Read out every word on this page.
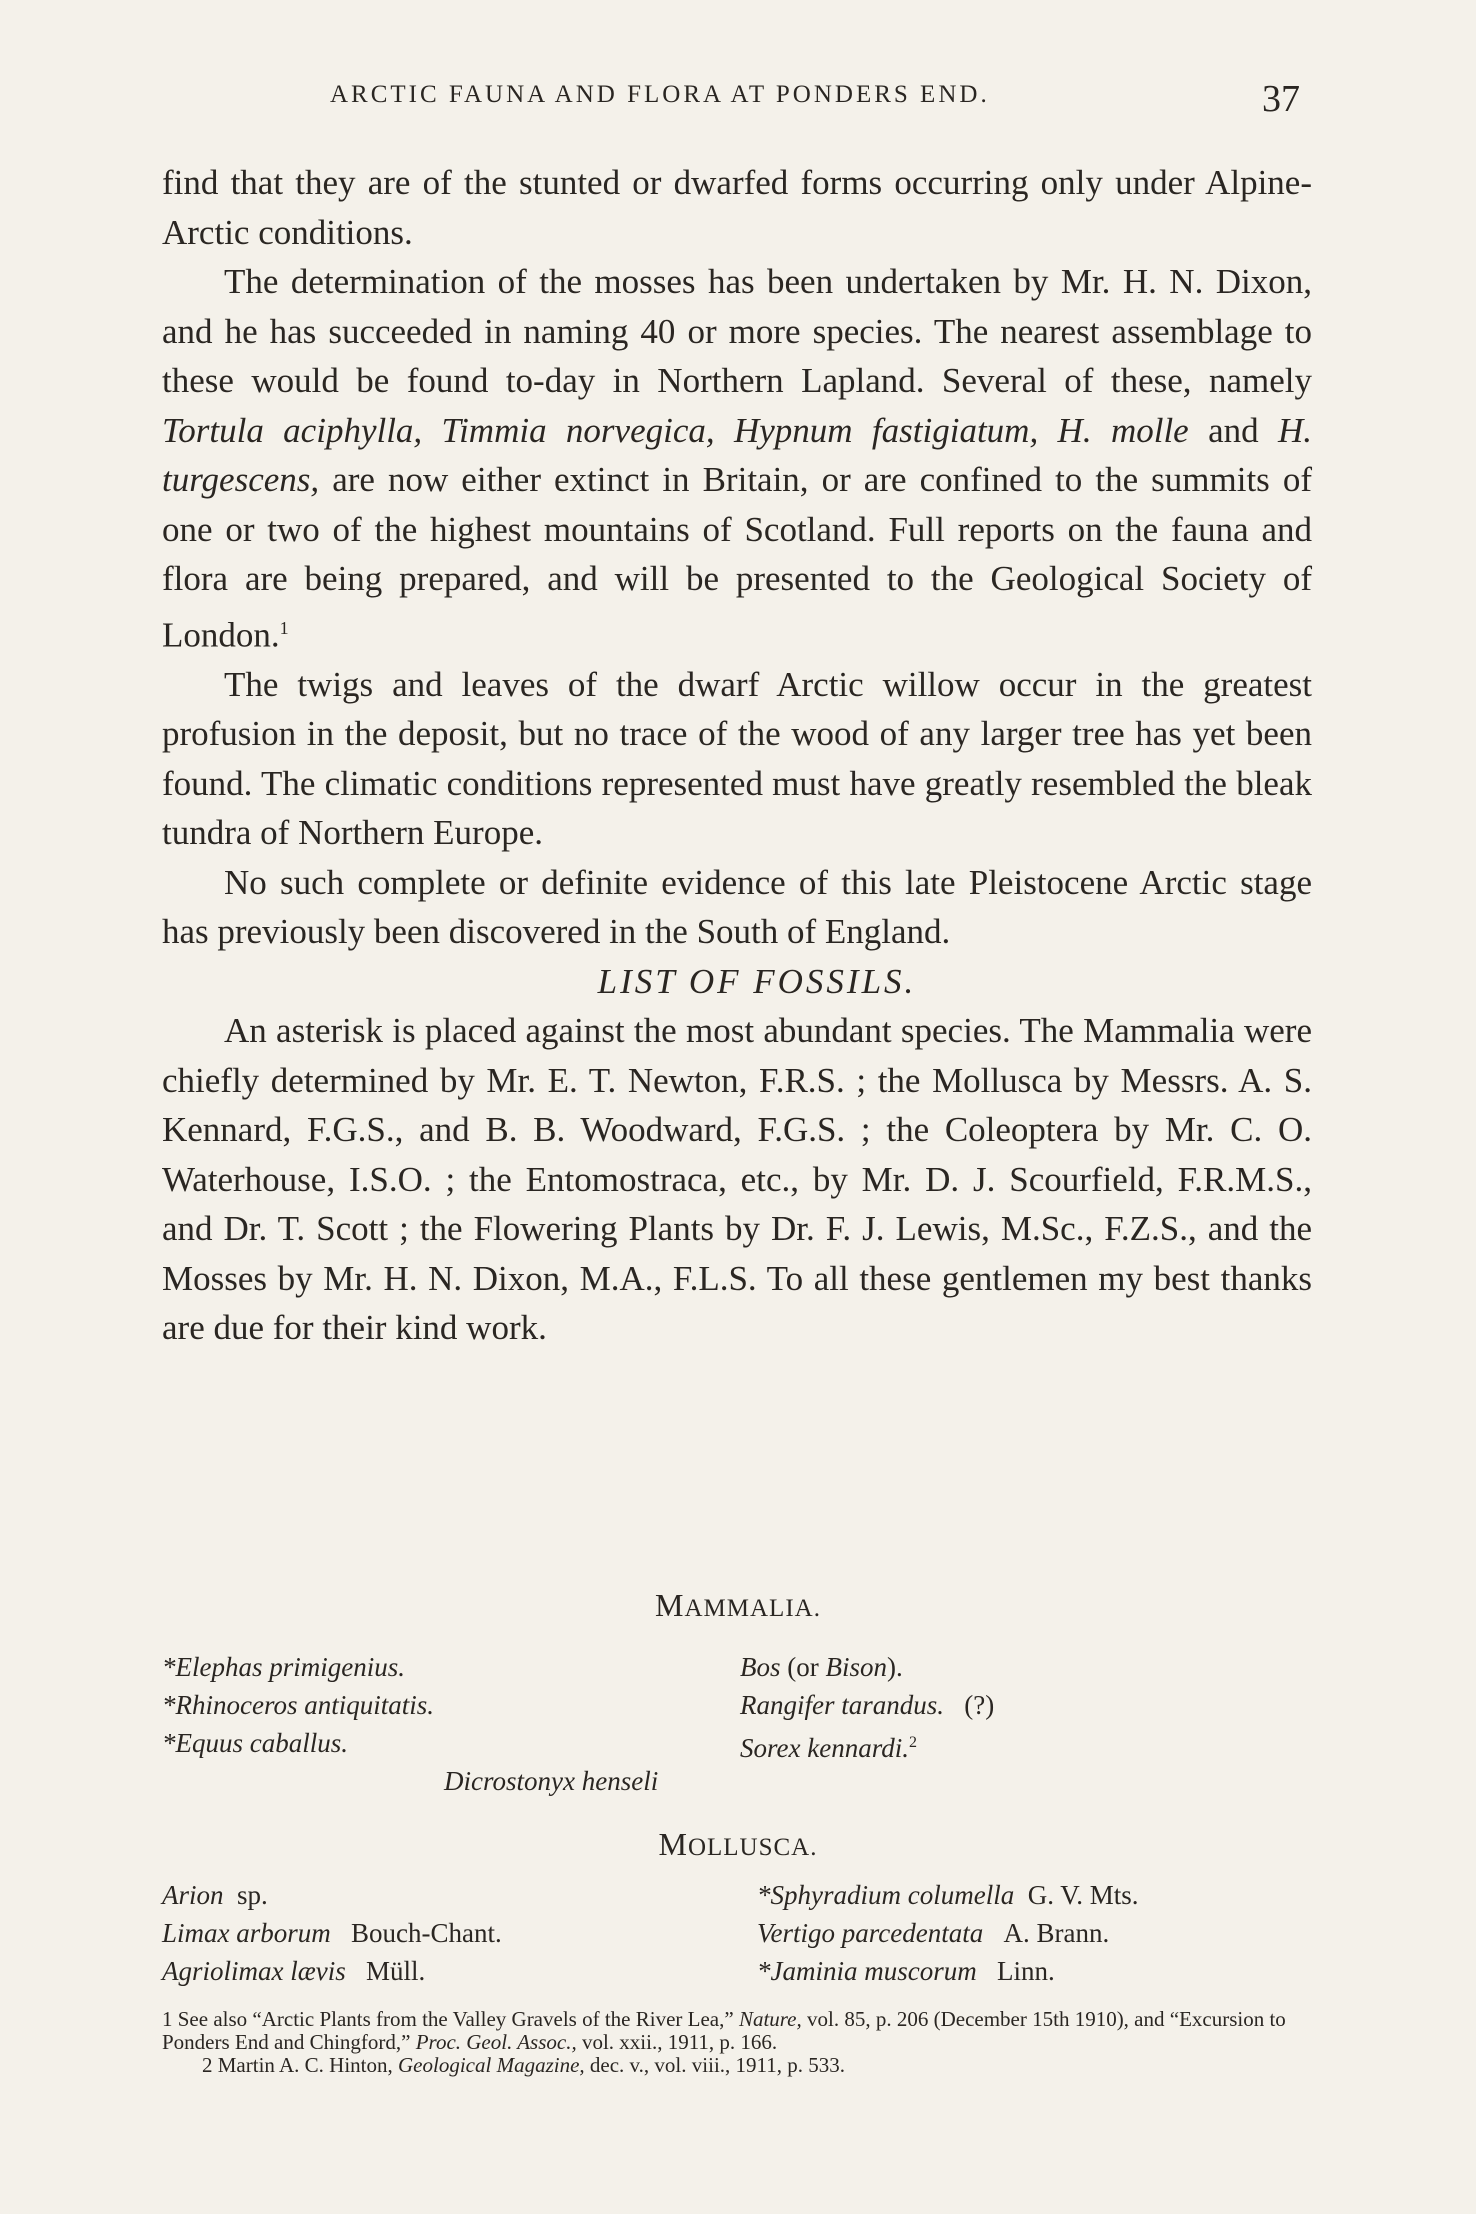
ARCTIC FAUNA AND FLORA AT PONDERS END.	37

find that they are of the stunted or dwarfed forms occurring only under Alpine-Arctic conditions.

The determination of the mosses has been undertaken by Mr. H. N. Dixon, and he has succeeded in naming 40 or more species. The nearest assemblage to these would be found to-day in Northern Lapland. Several of these, namely Tortula aciphylla, Timmia norvegica, Hypnum fastigiatum, H. molle and H. turgescens, are now either extinct in Britain, or are confined to the summits of one or two of the highest mountains of Scotland. Full reports on the fauna and flora are being prepared, and will be presented to the Geological Society of London.$^1$

The twigs and leaves of the dwarf Arctic willow occur in the greatest profusion in the deposit, but no trace of the wood of any larger tree has yet been found. The climatic conditions represented must have greatly resembled the bleak tundra of Northern Europe.

No such complete or definite evidence of this late Pleistocene Arctic stage has previously been discovered in the South of England.

LIST OF FOSSILS.

An asterisk is placed against the most abundant species. The Mammalia were chiefly determined by Mr. E. T. Newton, F.R.S. ; the Mollusca by Messrs. A. S. Kennard, F.G.S., and B. B. Woodward, F.G.S. ; the Coleoptera by Mr. C. O. Waterhouse, I.S.O. ; the Entomostraca, etc., by Mr. D. J. Scourfield, F.R.M.S., and Dr. T. Scott ; the Flowering Plants by Dr. F. J. Lewis, M.Sc., F.Z.S., and the Mosses by Mr. H. N. Dixon, M.A., F.L.S. To all these gentlemen my best thanks are due for their kind work.

MAMMALIA.
*Elephas primigenius.
*Rhinoceros antiquitatis.
*Equus caballus.
Bos (or Bison).
Rangifer tarandus. (?)
Sorex kennardi.$^2$
Dicrostonyx henseli
MOLLUSCA.
Arion sp.
Limax arborum Bouch-Chant.
Agriolimax lævis Müll.
*Sphyradium columella G. V. Mts.
Vertigo parcedentata A. Brann.
*Jaminia muscorum Linn.

1 See also “Arctic Plants from the Valley Gravels of the River Lea,” Nature, vol. 85, p. 206 (December 15th 1910), and “Excursion to Ponders End and Chingford,” Proc. Geol. Assoc., vol. xxii., 1911, p. 166.

2 Martin A. C. Hinton, Geological Magazine, dec. v., vol. viii., 1911, p. 533.
